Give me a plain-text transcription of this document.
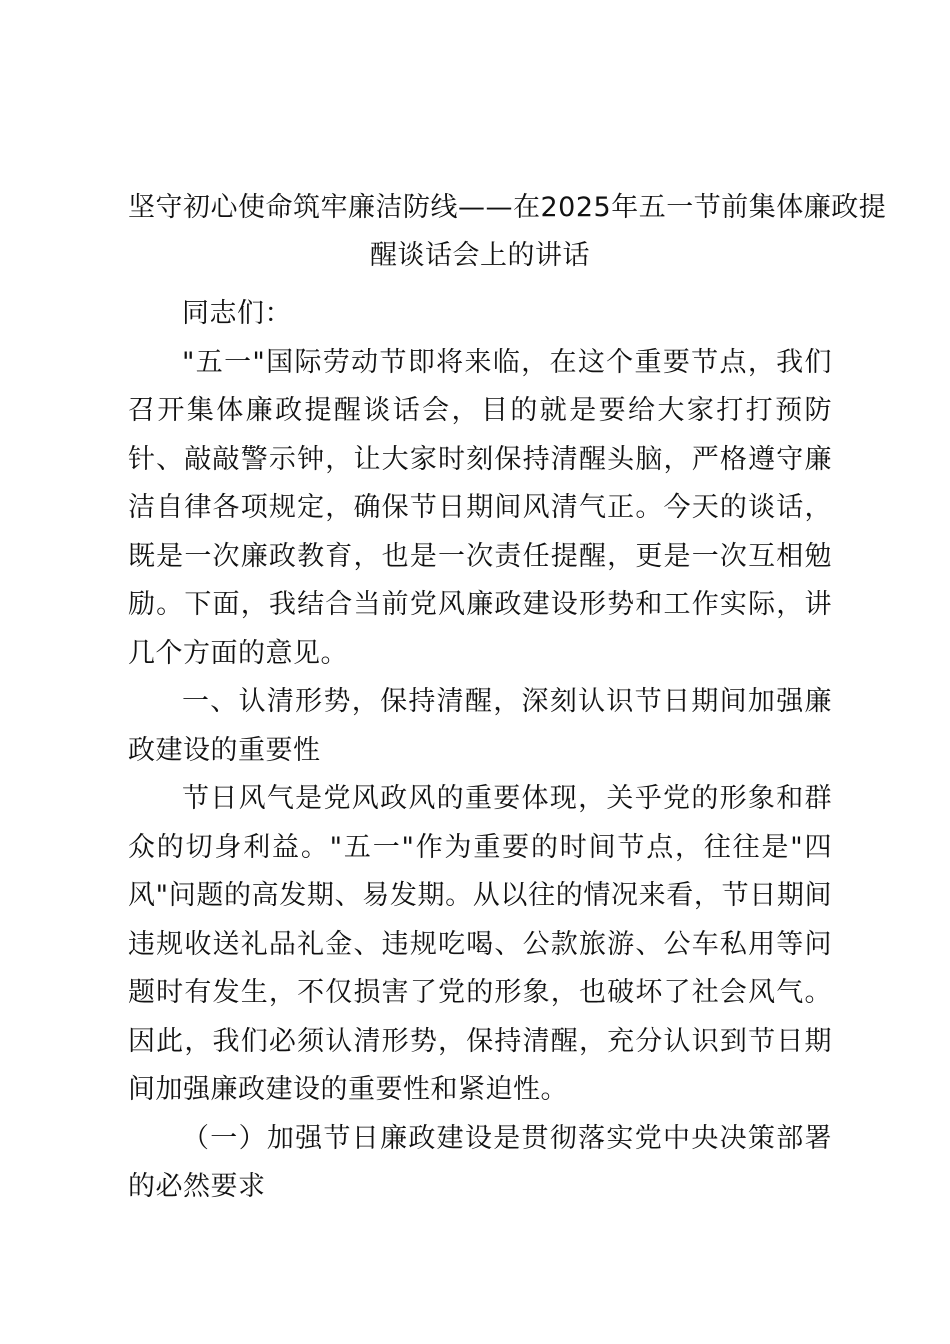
坚守初心使命筑牢廉洁防线——在2025年五一节前集体廉政提
醒谈话会上的讲话

同志们：

"五一"国际劳动节即将来临，在这个重要节点，我们召开集体廉政提醒谈话会，目的就是要给大家打打预防针、敲敲警示钟，让大家时刻保持清醒头脑，严格遵守廉洁自律各项规定，确保节日期间风清气正。今天的谈话，既是一次廉政教育，也是一次责任提醒，更是一次互相勉励。下面，我结合当前党风廉政建设形势和工作实际，讲几个方面的意见。

一、认清形势，保持清醒，深刻认识节日期间加强廉政建设的重要性

节日风气是党风政风的重要体现，关乎党的形象和群众的切身利益。"五一"作为重要的时间节点，往往是"四风"问题的高发期、易发期。从以往的情况来看，节日期间违规收送礼品礼金、违规吃喝、公款旅游、公车私用等问题时有发生，不仅损害了党的形象，也破坏了社会风气。因此，我们必须认清形势，保持清醒，充分认识到节日期间加强廉政建设的重要性和紧迫性。

（一）加强节日廉政建设是贯彻落实党中央决策部署的必然要求
